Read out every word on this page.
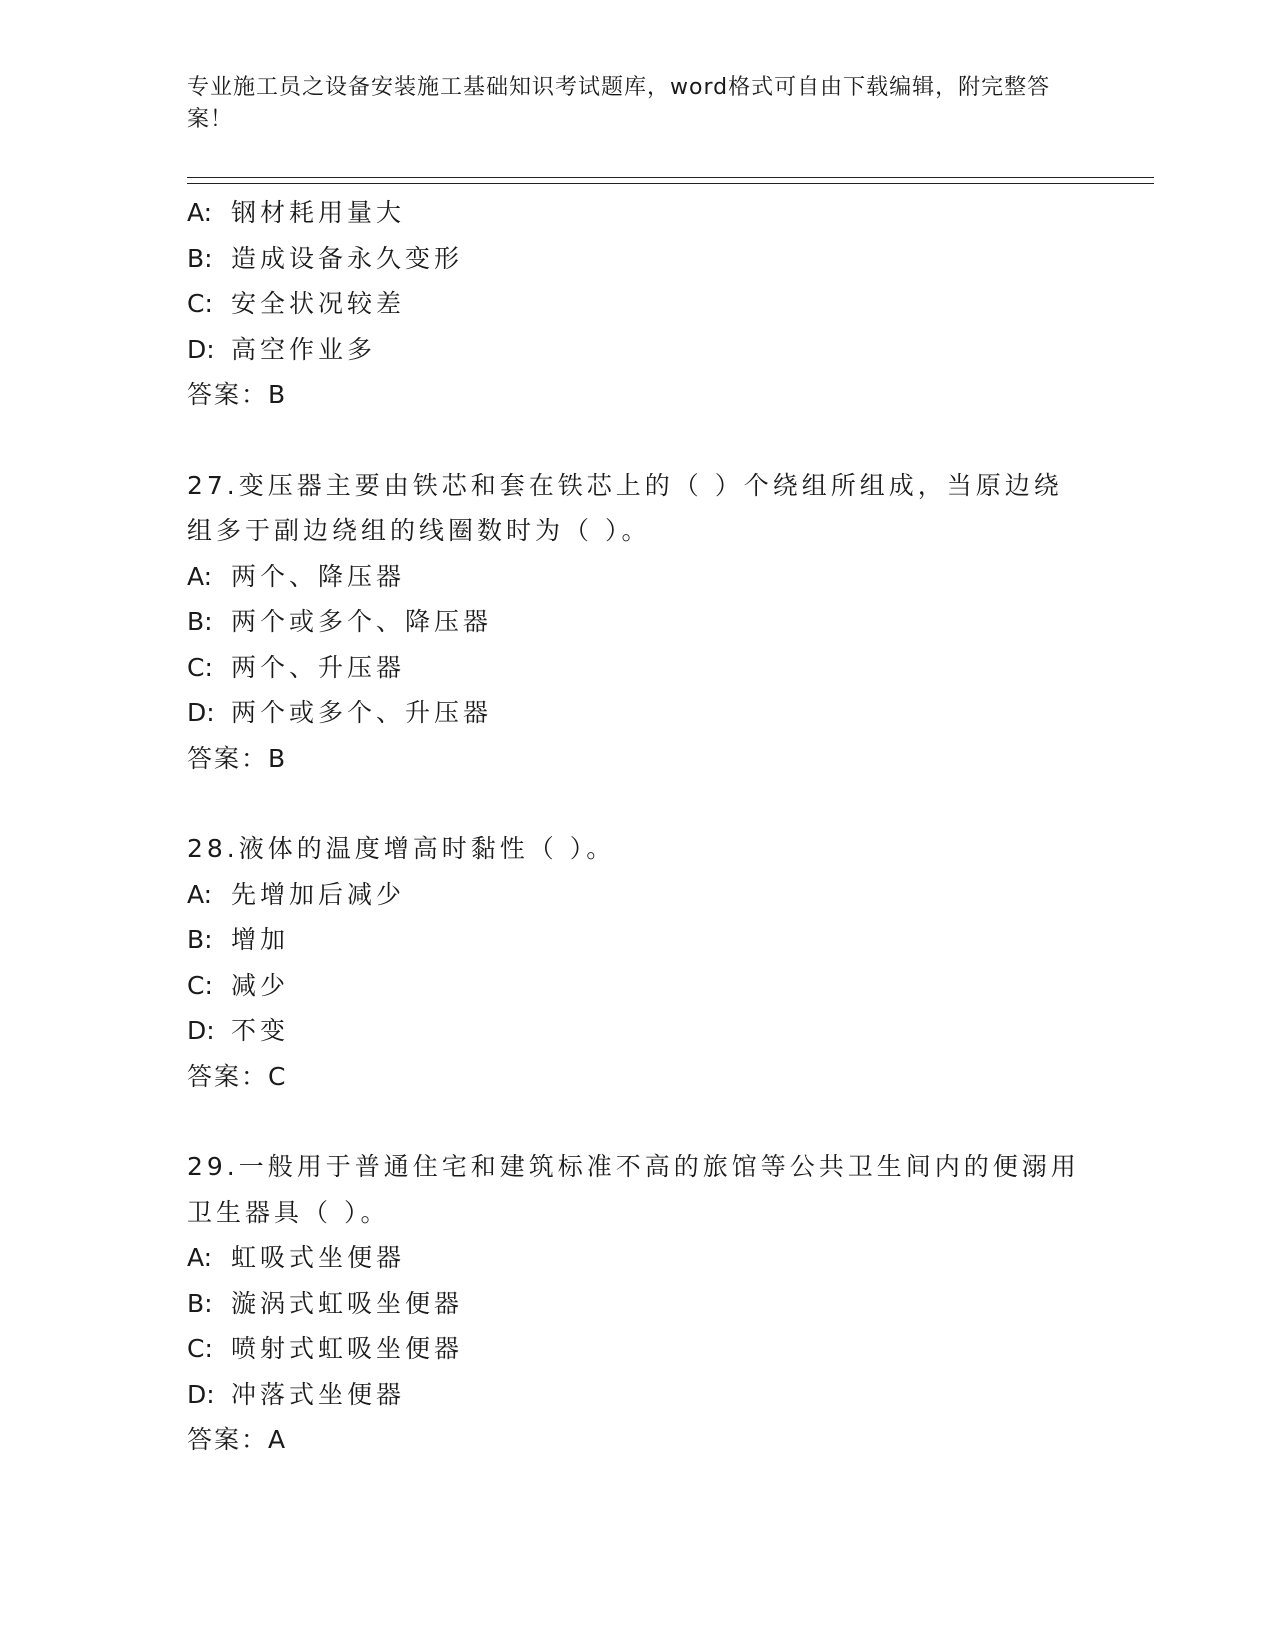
专业施工员之设备安装施工基础知识考试题库，word格式可自由下载编辑，附完整答案！
A: 钢材耗用量大
B: 造成设备永久变形
C: 安全状况较差
D: 高空作业多
答案：B
27.变压器主要由铁芯和套在铁芯上的（ ）个绕组所组成，当原边绕组多于副边绕组的线圈数时为（ ）。
A: 两个、降压器
B: 两个或多个、降压器
C: 两个、升压器
D: 两个或多个、升压器
答案：B
28.液体的温度增高时黏性（ ）。
A: 先增加后减少
B: 增加
C: 减少
D: 不变
答案：C
29.一般用于普通住宅和建筑标准不高的旅馆等公共卫生间内的便溺用卫生器具（ ）。
A: 虹吸式坐便器
B: 漩涡式虹吸坐便器
C: 喷射式虹吸坐便器
D: 冲落式坐便器
答案：A
